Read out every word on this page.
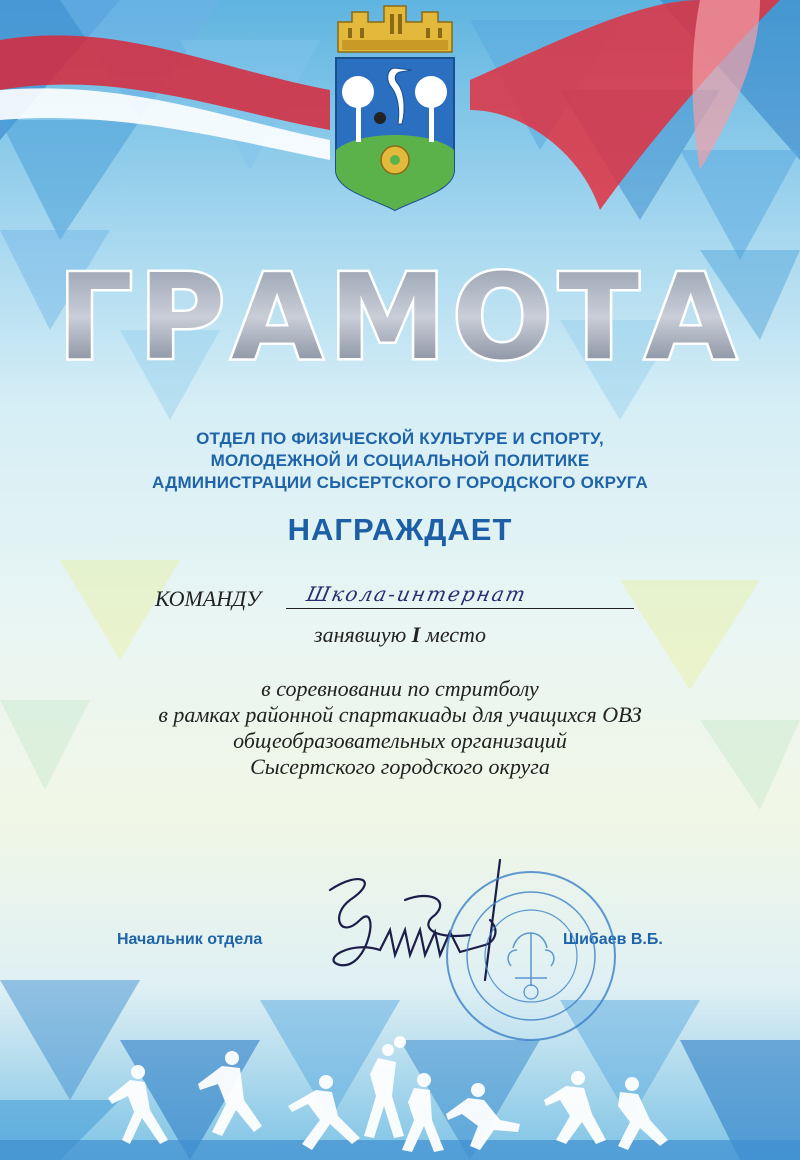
ГРАМОТА
ОТДЕЛ ПО ФИЗИЧЕСКОЙ КУЛЬТУРЕ И СПОРТУ,
МОЛОДЕЖНОЙ И СОЦИАЛЬНОЙ ПОЛИТИКЕ
АДМИНИСТРАЦИИ СЫСЕРТСКОГО ГОРОДСКОГО ОКРУГА
НАГРАЖДАЕТ
КОМАНДУ Школа-интернат
занявшую I место
в соревновании по стритболу
в рамках районной спартакиады для учащихся ОВЗ
общеобразовательных организаций
Сысертского городского округа
Начальник отдела	Шибаев В.Б.
